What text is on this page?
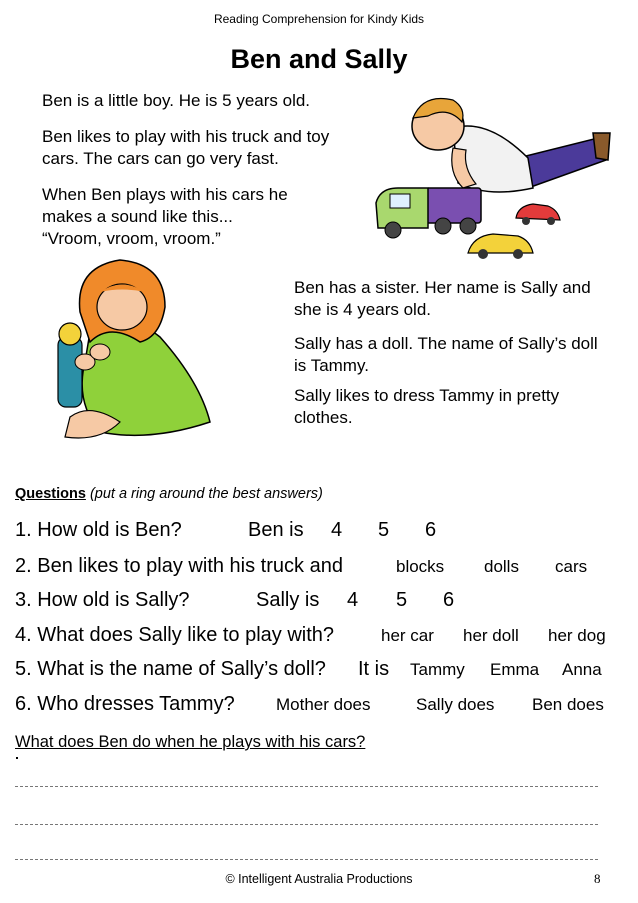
Reading Comprehension for Kindy Kids
Ben and Sally

Ben is a little boy. He is 5 years old.

Ben likes to play with his truck and toy cars. The cars can go very fast.

When Ben plays with his cars he
makes a sound like this...
“Vroom, vroom, vroom.”

Ben has a sister. Her name is Sally and she is 4 years old.

Sally has a doll. The name of Sally’s doll is Tammy.

Sally likes to dress Tammy in pretty clothes.

Questions (put a ring around the best answers)
1. How old is Ben?	Ben is 4 5 6
2. Ben likes to play with his truck and	blocks dolls cars
3. How old is Sally?	Sally is 4 5 6
4. What does Sally like to play with?	her car her doll her dog
5. What is the name of Sally’s doll? It is Tammy Emma Anna
6. Who dresses Tammy? Mother does	Sally does Ben does
What does Ben do when he plays with his cars?
© Intelligent Australia Productions	8
